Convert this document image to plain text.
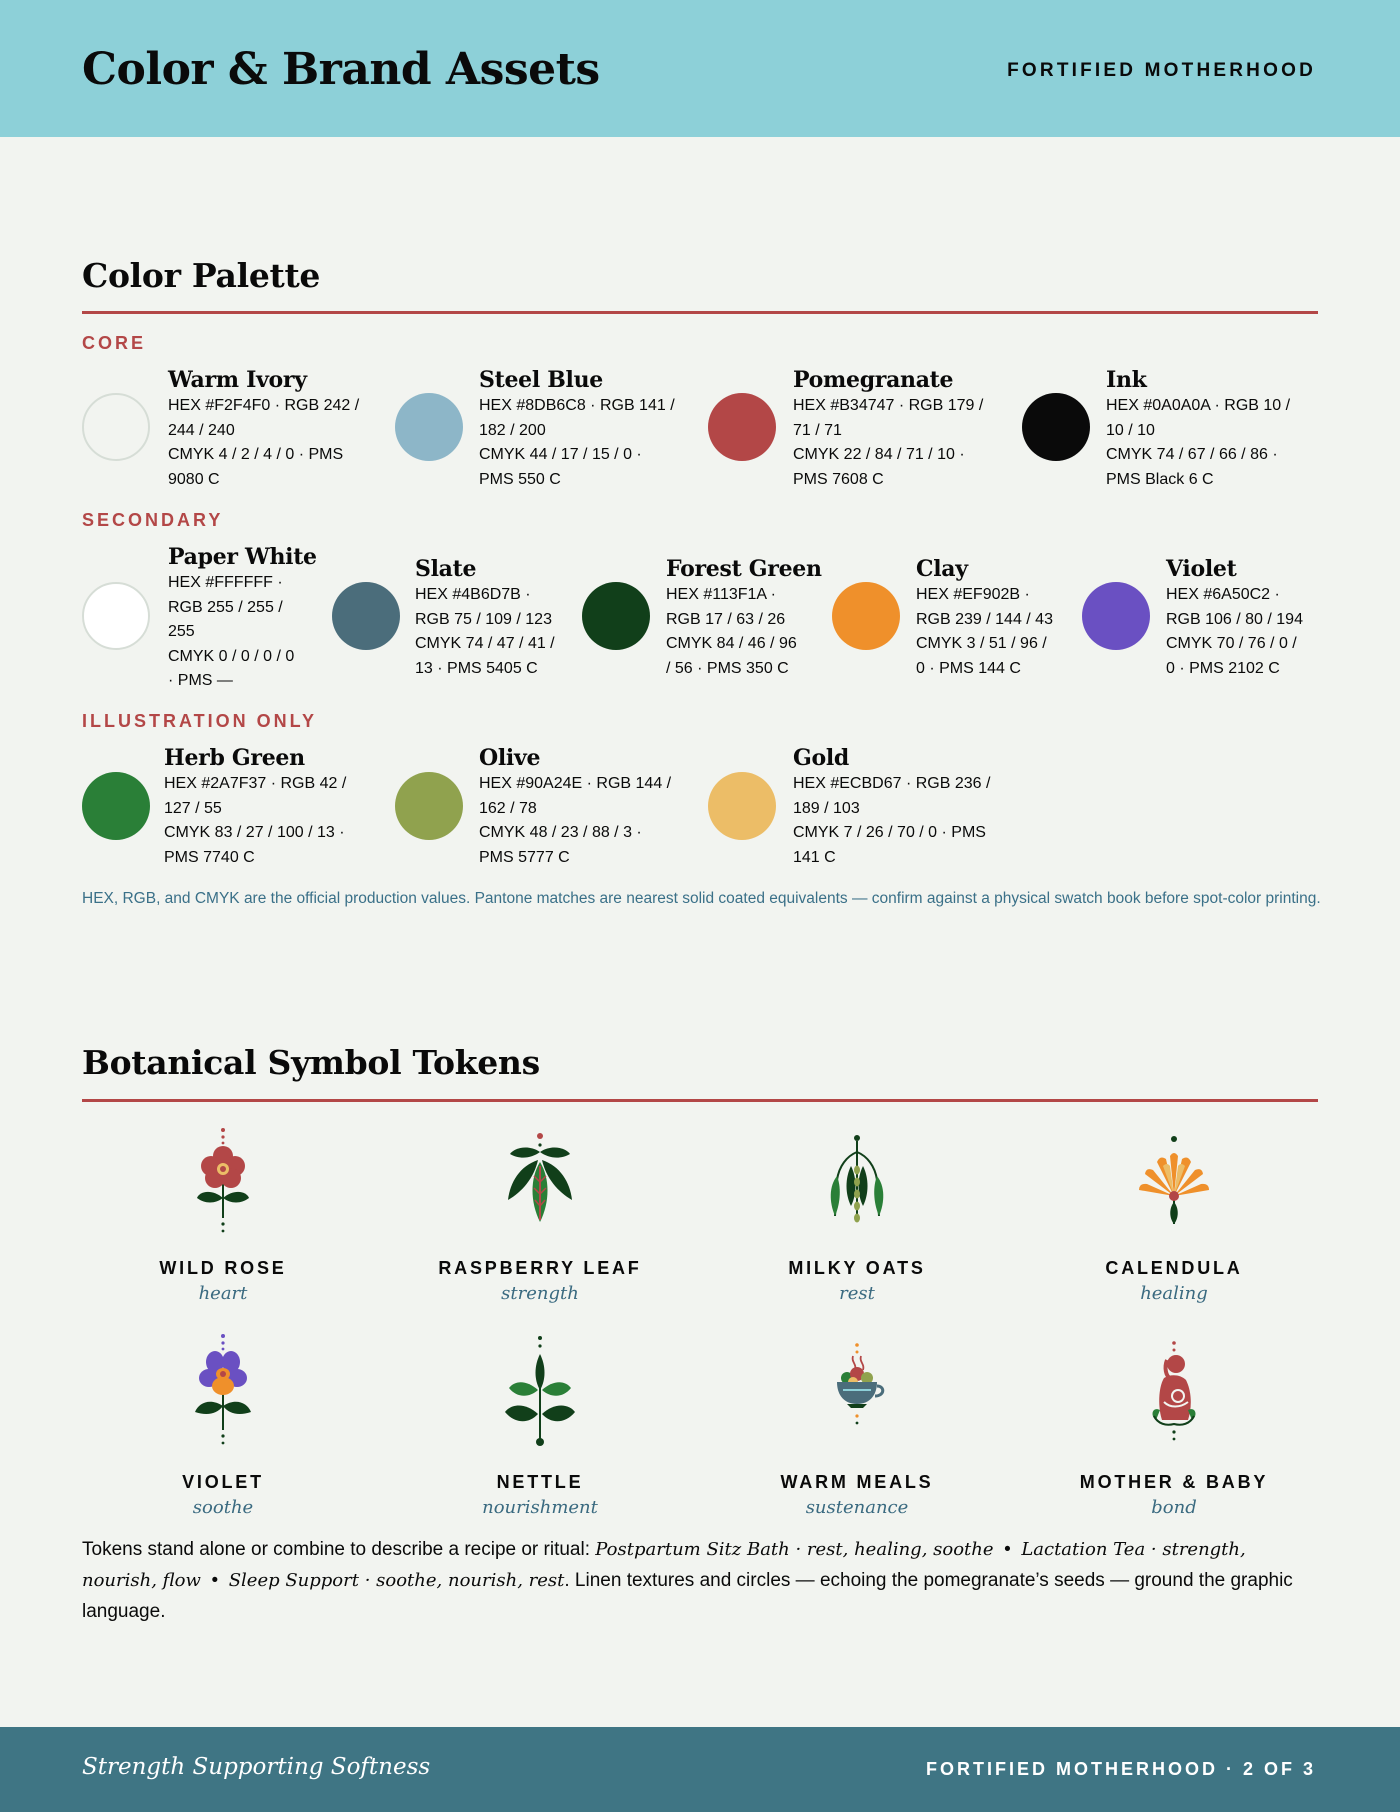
Color & Brand Assets	FORTIFIED MOTHERHOOD
Color Palette
CORE
Warm Ivory
HEX #F2F4F0 · RGB 242 /
244 / 240
CMYK 4 / 2 / 4 / 0 · PMS
9080 C
Steel Blue
HEX #8DB6C8 · RGB 141 /
182 / 200
CMYK 44 / 17 / 15 / 0 ·
PMS 550 C
Pomegranate
HEX #B34747 · RGB 179 /
71 / 71
CMYK 22 / 84 / 71 / 10 ·
PMS 7608 C
Ink
HEX #0A0A0A · RGB 10 /
10 / 10
CMYK 74 / 67 / 66 / 86 ·
PMS Black 6 C
SECONDARY
Paper White
HEX #FFFFFF ·
RGB 255 / 255 /
255
CMYK 0 / 0 / 0 / 0
· PMS —
Slate
HEX #4B6D7B ·
RGB 75 / 109 / 123
CMYK 74 / 47 / 41 /
13 · PMS 5405 C
Forest Green
HEX #113F1A ·
RGB 17 / 63 / 26
CMYK 84 / 46 / 96
/ 56 · PMS 350 C
Clay
HEX #EF902B ·
RGB 239 / 144 / 43
CMYK 3 / 51 / 96 /
0 · PMS 144 C
Violet
HEX #6A50C2 ·
RGB 106 / 80 / 194
CMYK 70 / 76 / 0 /
0 · PMS 2102 C
ILLUSTRATION ONLY
Herb Green
HEX #2A7F37 · RGB 42 /
127 / 55
CMYK 83 / 27 / 100 / 13 ·
PMS 7740 C
Olive
HEX #90A24E · RGB 144 /
162 / 78
CMYK 48 / 23 / 88 / 3 ·
PMS 5777 C
Gold
HEX #ECBD67 · RGB 236 /
189 / 103
CMYK 7 / 26 / 70 / 0 · PMS
141 C
HEX, RGB, and CMYK are the official production values. Pantone matches are nearest solid coated equivalents — confirm against a physical swatch book before spot-color printing.
Botanical Symbol Tokens
WILD ROSE
heart
RASPBERRY LEAF
strength
MILKY OATS
rest
CALENDULA
healing
VIOLET
soothe
NETTLE
nourishment
WARM MEALS
sustenance
MOTHER & BABY
bond
Tokens stand alone or combine to describe a recipe or ritual: Postpartum Sitz Bath · rest, healing, soothe  •  Lactation Tea · strength, nourish, flow  •  Sleep Support · soothe, nourish, rest. Linen textures and circles — echoing the pomegranate’s seeds — ground the graphic language.
Strength Supporting Softness	FORTIFIED MOTHERHOOD · 2 OF 3
